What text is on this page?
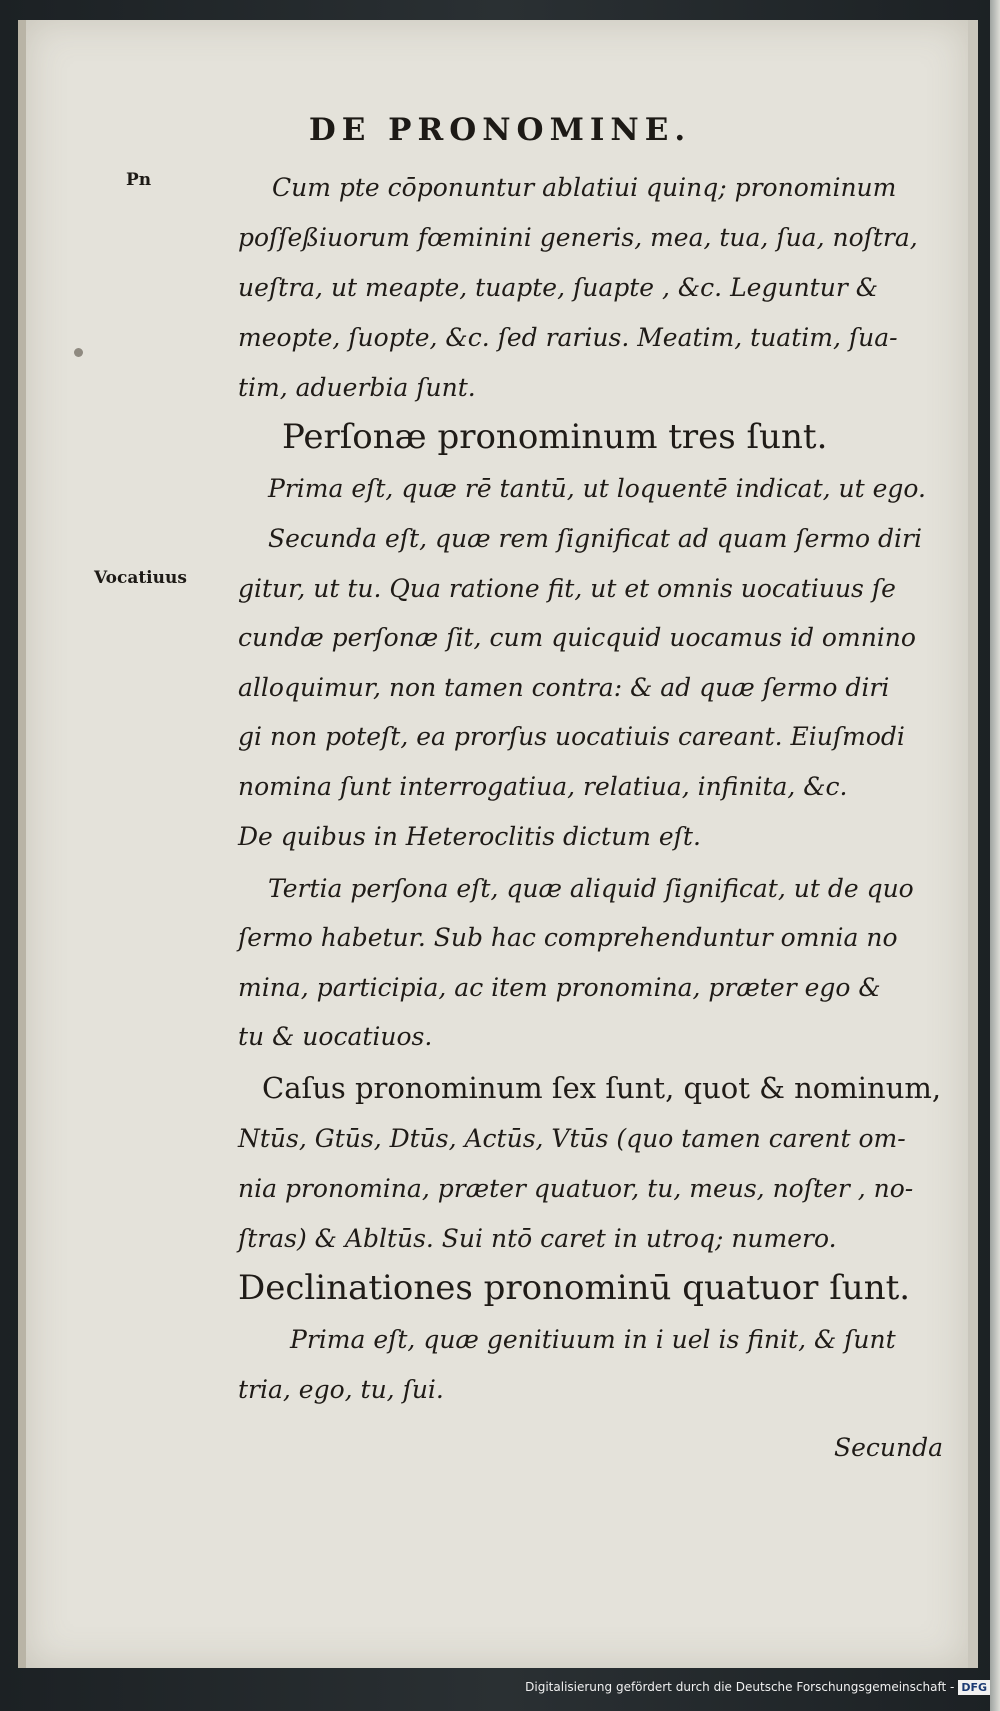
DE PRONOMINE.
Pn
Vocatiuus
Cum pte cōponuntur ablatiui quinq; pronominum
poſſeßiuorum fœminini generis, mea, tua, ſua, noſtra,
ueſtra, ut meapte, tuapte, ſuapte , &c. Leguntur &
meopte, ſuopte, &c. ſed rarius. Meatim, tuatim, ſua-
tim, aduerbia ſunt.
Perſonæ pronominum tres ſunt.
Prima eſt, quæ rē tantū, ut loquentē indicat, ut ego.
Secunda eſt, quæ rem ſignificat ad quam ſermo diri
gitur, ut tu. Qua ratione fit, ut et omnis uocatiuus ſe
cundæ perſonæ ſit, cum quicquid uocamus id omnino
alloquimur, non tamen contra: & ad quæ ſermo diri
gi non poteſt, ea prorſus uocatiuis careant. Eiuſmodi
nomina ſunt interrogatiua, relatiua, infinita, &c.
De quibus in Heteroclitis dictum eſt.
Tertia perſona eſt, quæ aliquid ſignificat, ut de quo
ſermo habetur. Sub hac comprehenduntur omnia no
mina, participia, ac item pronomina, præter ego &
tu & uocatiuos.
Caſus pronominum ſex ſunt, quot & nominum,
Ntūs, Gtūs, Dtūs, Actūs, Vtūs (quo tamen carent om-
nia pronomina, præter quatuor, tu, meus, noſter , no-
ſtras) & Abltūs. Sui ntō caret in utroq; numero.
Declinationes pronominū quatuor ſunt.
Prima eſt, quæ genitiuum in i uel is finit, & ſunt
tria, ego, tu, ſui.
Secunda
Digitalisierung gefördert durch die Deutsche Forschungsgemeinschaft - DFG
